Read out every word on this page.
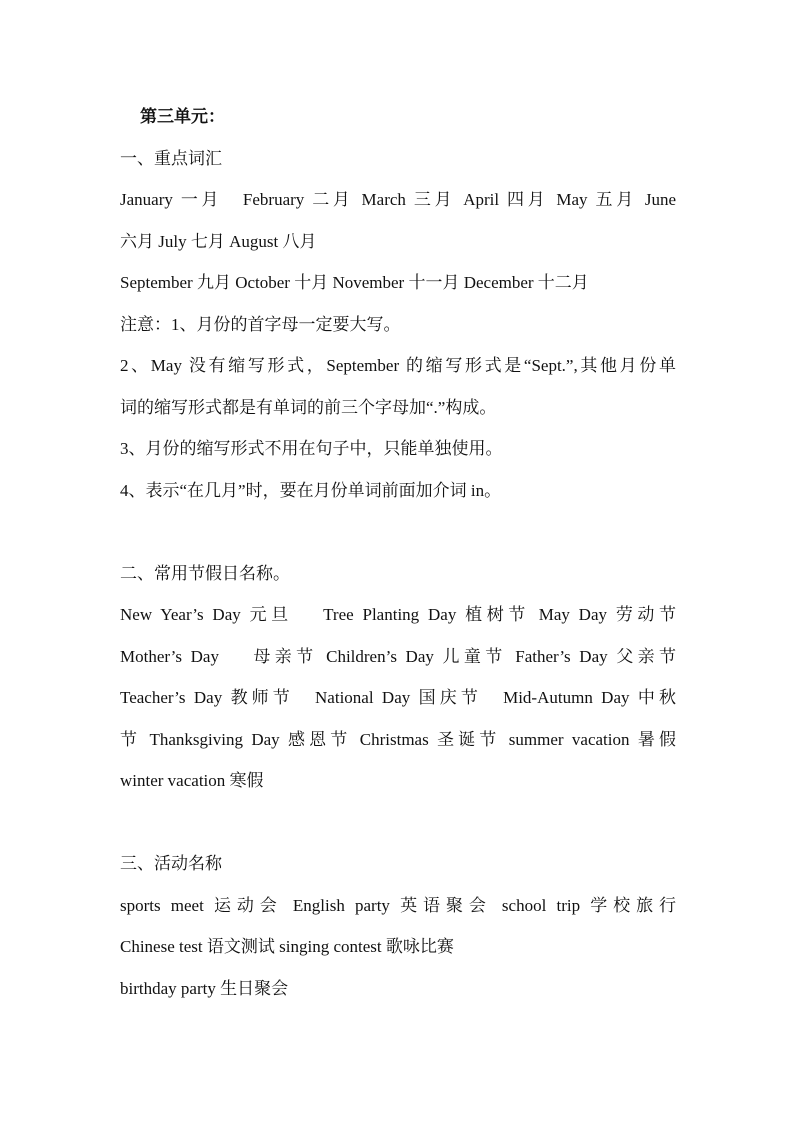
第三单元：
一、重点词汇
January 一月　February 二月 March 三月 April 四月 May 五月 June
六月 July 七月 August 八月
September 九月 October 十月 November 十一月 December 十二月
注意：1、月份的首字母一定要大写。
2、May 没有缩写形式，September 的缩写形式是“Sept.”,其他月份单
词的缩写形式都是有单词的前三个字母加“.”构成。
3、月份的缩写形式不用在句子中，只能单独使用。
4、表示“在几月”时，要在月份单词前面加介词 in。
二、常用节假日名称。
New Year’s Day 元旦　 Tree Planting Day 植树节 May Day 劳动节
Mother’s Day　 母亲节 Children’s Day 儿童节 Father’s Day 父亲节
Teacher’s Day 教师节　National Day 国庆节　Mid-Autumn Day 中秋
节 Thanksgiving Day 感恩节 Christmas 圣诞节 summer vacation 暑假
winter vacation 寒假
三、活动名称
sports meet 运动会 English party 英语聚会 school trip 学校旅行
Chinese test 语文测试 singing contest 歌咏比赛
birthday party 生日聚会
